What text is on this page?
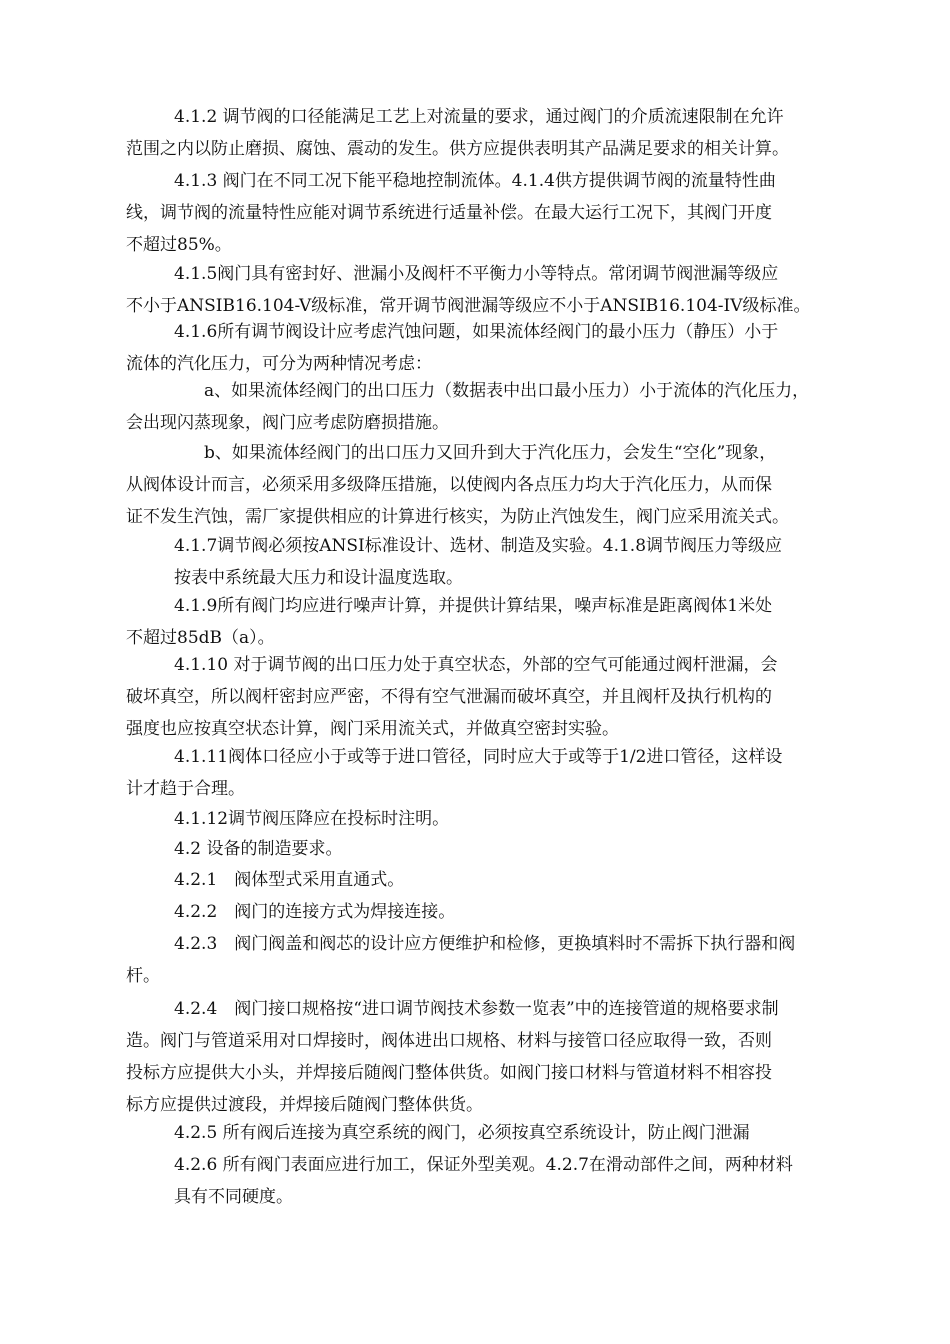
4.1.2 调节阀的口径能满足工艺上对流量的要求，通过阀门的介质流速限制在允许
范围之内以防止磨损、腐蚀、震动的发生。供方应提供表明其产品满足要求的相关计算。
4.1.3 阀门在不同工况下能平稳地控制流体。4.1.4供方提供调节阀的流量特性曲
线，调节阀的流量特性应能对调节系统进行适量补偿。在最大运行工况下，其阀门开度
不超过85%。
4.1.5阀门具有密封好、泄漏小及阀杆不平衡力小等特点。常闭调节阀泄漏等级应
不小于ANSIB16.104-V级标准，常开调节阀泄漏等级应不小于ANSIB16.104-IV级标准。
4.1.6所有调节阀设计应考虑汽蚀问题，如果流体经阀门的最小压力（静压）小于
流体的汽化压力，可分为两种情况考虑：
a、如果流体经阀门的出口压力（数据表中出口最小压力）小于流体的汽化压力，
会出现闪蒸现象，阀门应考虑防磨损措施。
b、如果流体经阀门的出口压力又回升到大于汽化压力，会发生“空化”现象，
从阀体设计而言，必须采用多级降压措施，以使阀内各点压力均大于汽化压力，从而保
证不发生汽蚀，需厂家提供相应的计算进行核实，为防止汽蚀发生，阀门应采用流关式。
4.1.7调节阀必须按ANSI标准设计、选材、制造及实验。4.1.8调节阀压力等级应
按表中系统最大压力和设计温度选取。
4.1.9所有阀门均应进行噪声计算，并提供计算结果，噪声标准是距离阀体1米处
不超过85dB（a）。
4.1.10 对于调节阀的出口压力处于真空状态，外部的空气可能通过阀杆泄漏，会
破坏真空，所以阀杆密封应严密，不得有空气泄漏而破坏真空，并且阀杆及执行机构的
强度也应按真空状态计算，阀门采用流关式，并做真空密封实验。
4.1.11阀体口径应小于或等于进口管径，同时应大于或等于1/2进口管径，这样设
计才趋于合理。
4.1.12调节阀压降应在投标时注明。
4.2 设备的制造要求。
4.2.1　阀体型式采用直通式。
4.2.2　阀门的连接方式为焊接连接。
4.2.3　阀门阀盖和阀芯的设计应方便维护和检修，更换填料时不需拆下执行器和阀
杆。
4.2.4　阀门接口规格按“进口调节阀技术参数一览表”中的连接管道的规格要求制
造。阀门与管道采用对口焊接时，阀体进出口规格、材料与接管口径应取得一致，否则
投标方应提供大小头，并焊接后随阀门整体供货。如阀门接口材料与管道材料不相容投
标方应提供过渡段，并焊接后随阀门整体供货。
4.2.5 所有阀后连接为真空系统的阀门，必须按真空系统设计，防止阀门泄漏
4.2.6 所有阀门表面应进行加工，保证外型美观。4.2.7在滑动部件之间，两种材料
具有不同硬度。
